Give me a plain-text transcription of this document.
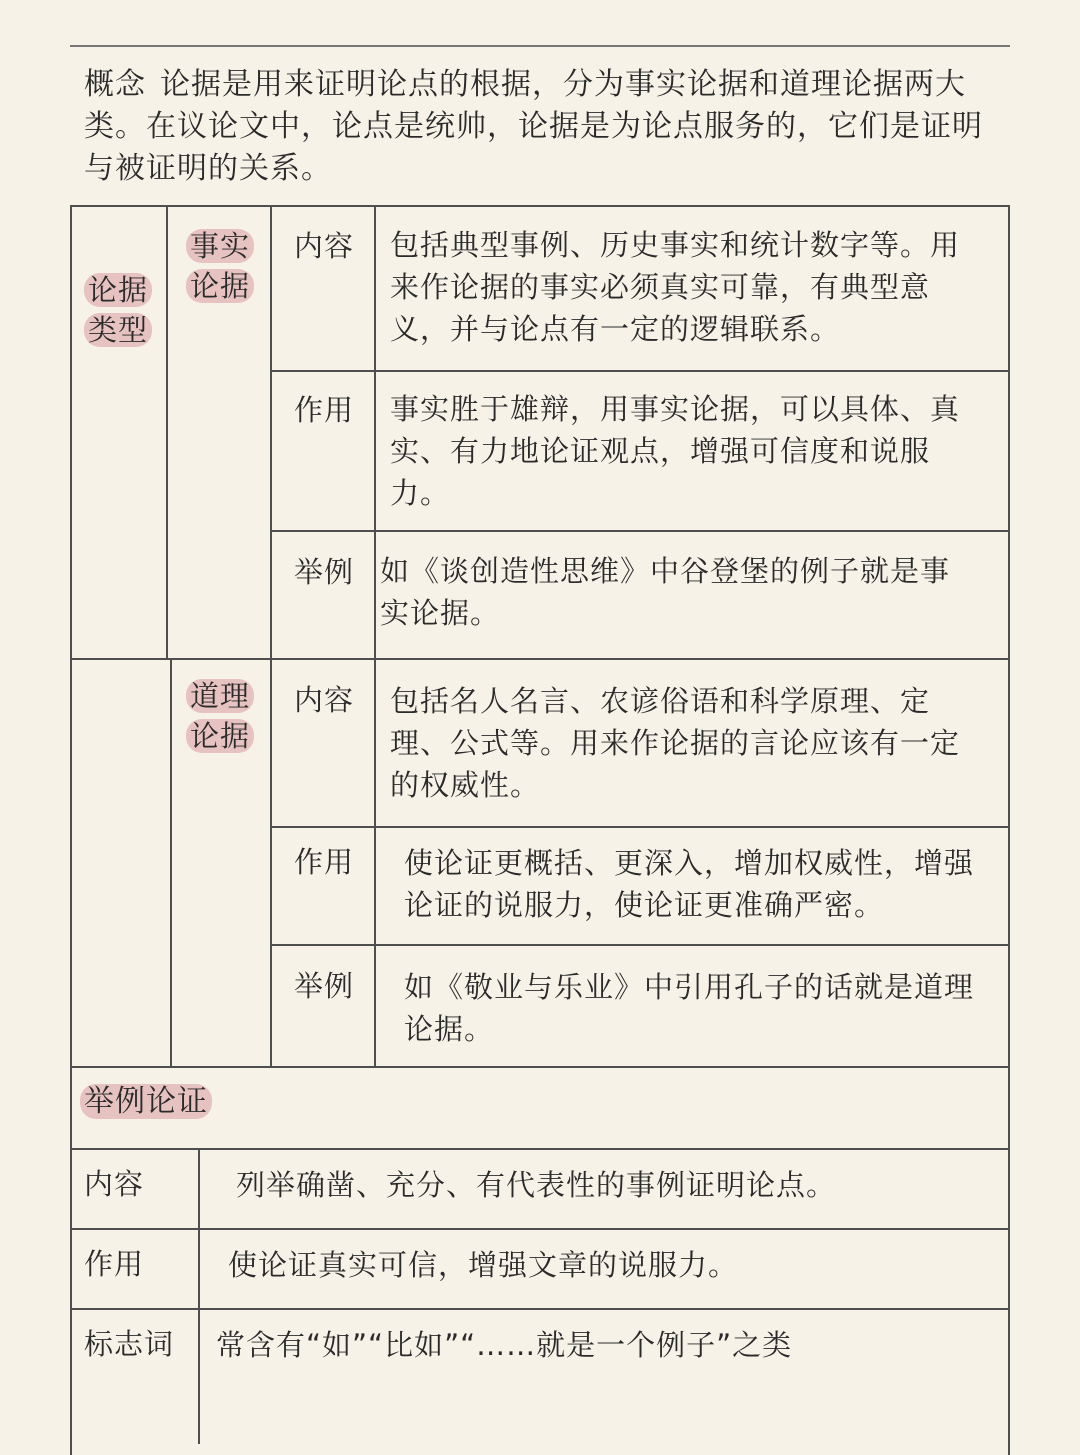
概念 论据是用来证明论点的根据，分为事实论据和道理论据两大类。在议论文中，论点是统帅，论据是为论点服务的，它们是证明与被证明的关系。
论据类型
事实论据
道理论据
内容 包括典型事例、历史事实和统计数字等。用来作论据的事实必须真实可靠，有典型意义，并与论点有一定的逻辑联系。
作用 事实胜于雄辩，用事实论据，可以具体、真实、有力地论证观点，增强可信度和说服力。
举例 如《谈创造性思维》中谷登堡的例子就是事实论据。
内容 包括名人名言、农谚俗语和科学原理、定理、公式等。用来作论据的言论应该有一定的权威性。
作用 使论证更概括、更深入，增加权威性，增强论证的说服力，使论证更准确严密。
举例 如《敬业与乐业》中引用孔子的话就是道理论据。
举例论证
内容	列举确凿、充分、有代表性的事例证明论点。
作用	使论证真实可信，增强文章的说服力。
标志词 常含有“如”“比如”“……就是一个例子”之类
